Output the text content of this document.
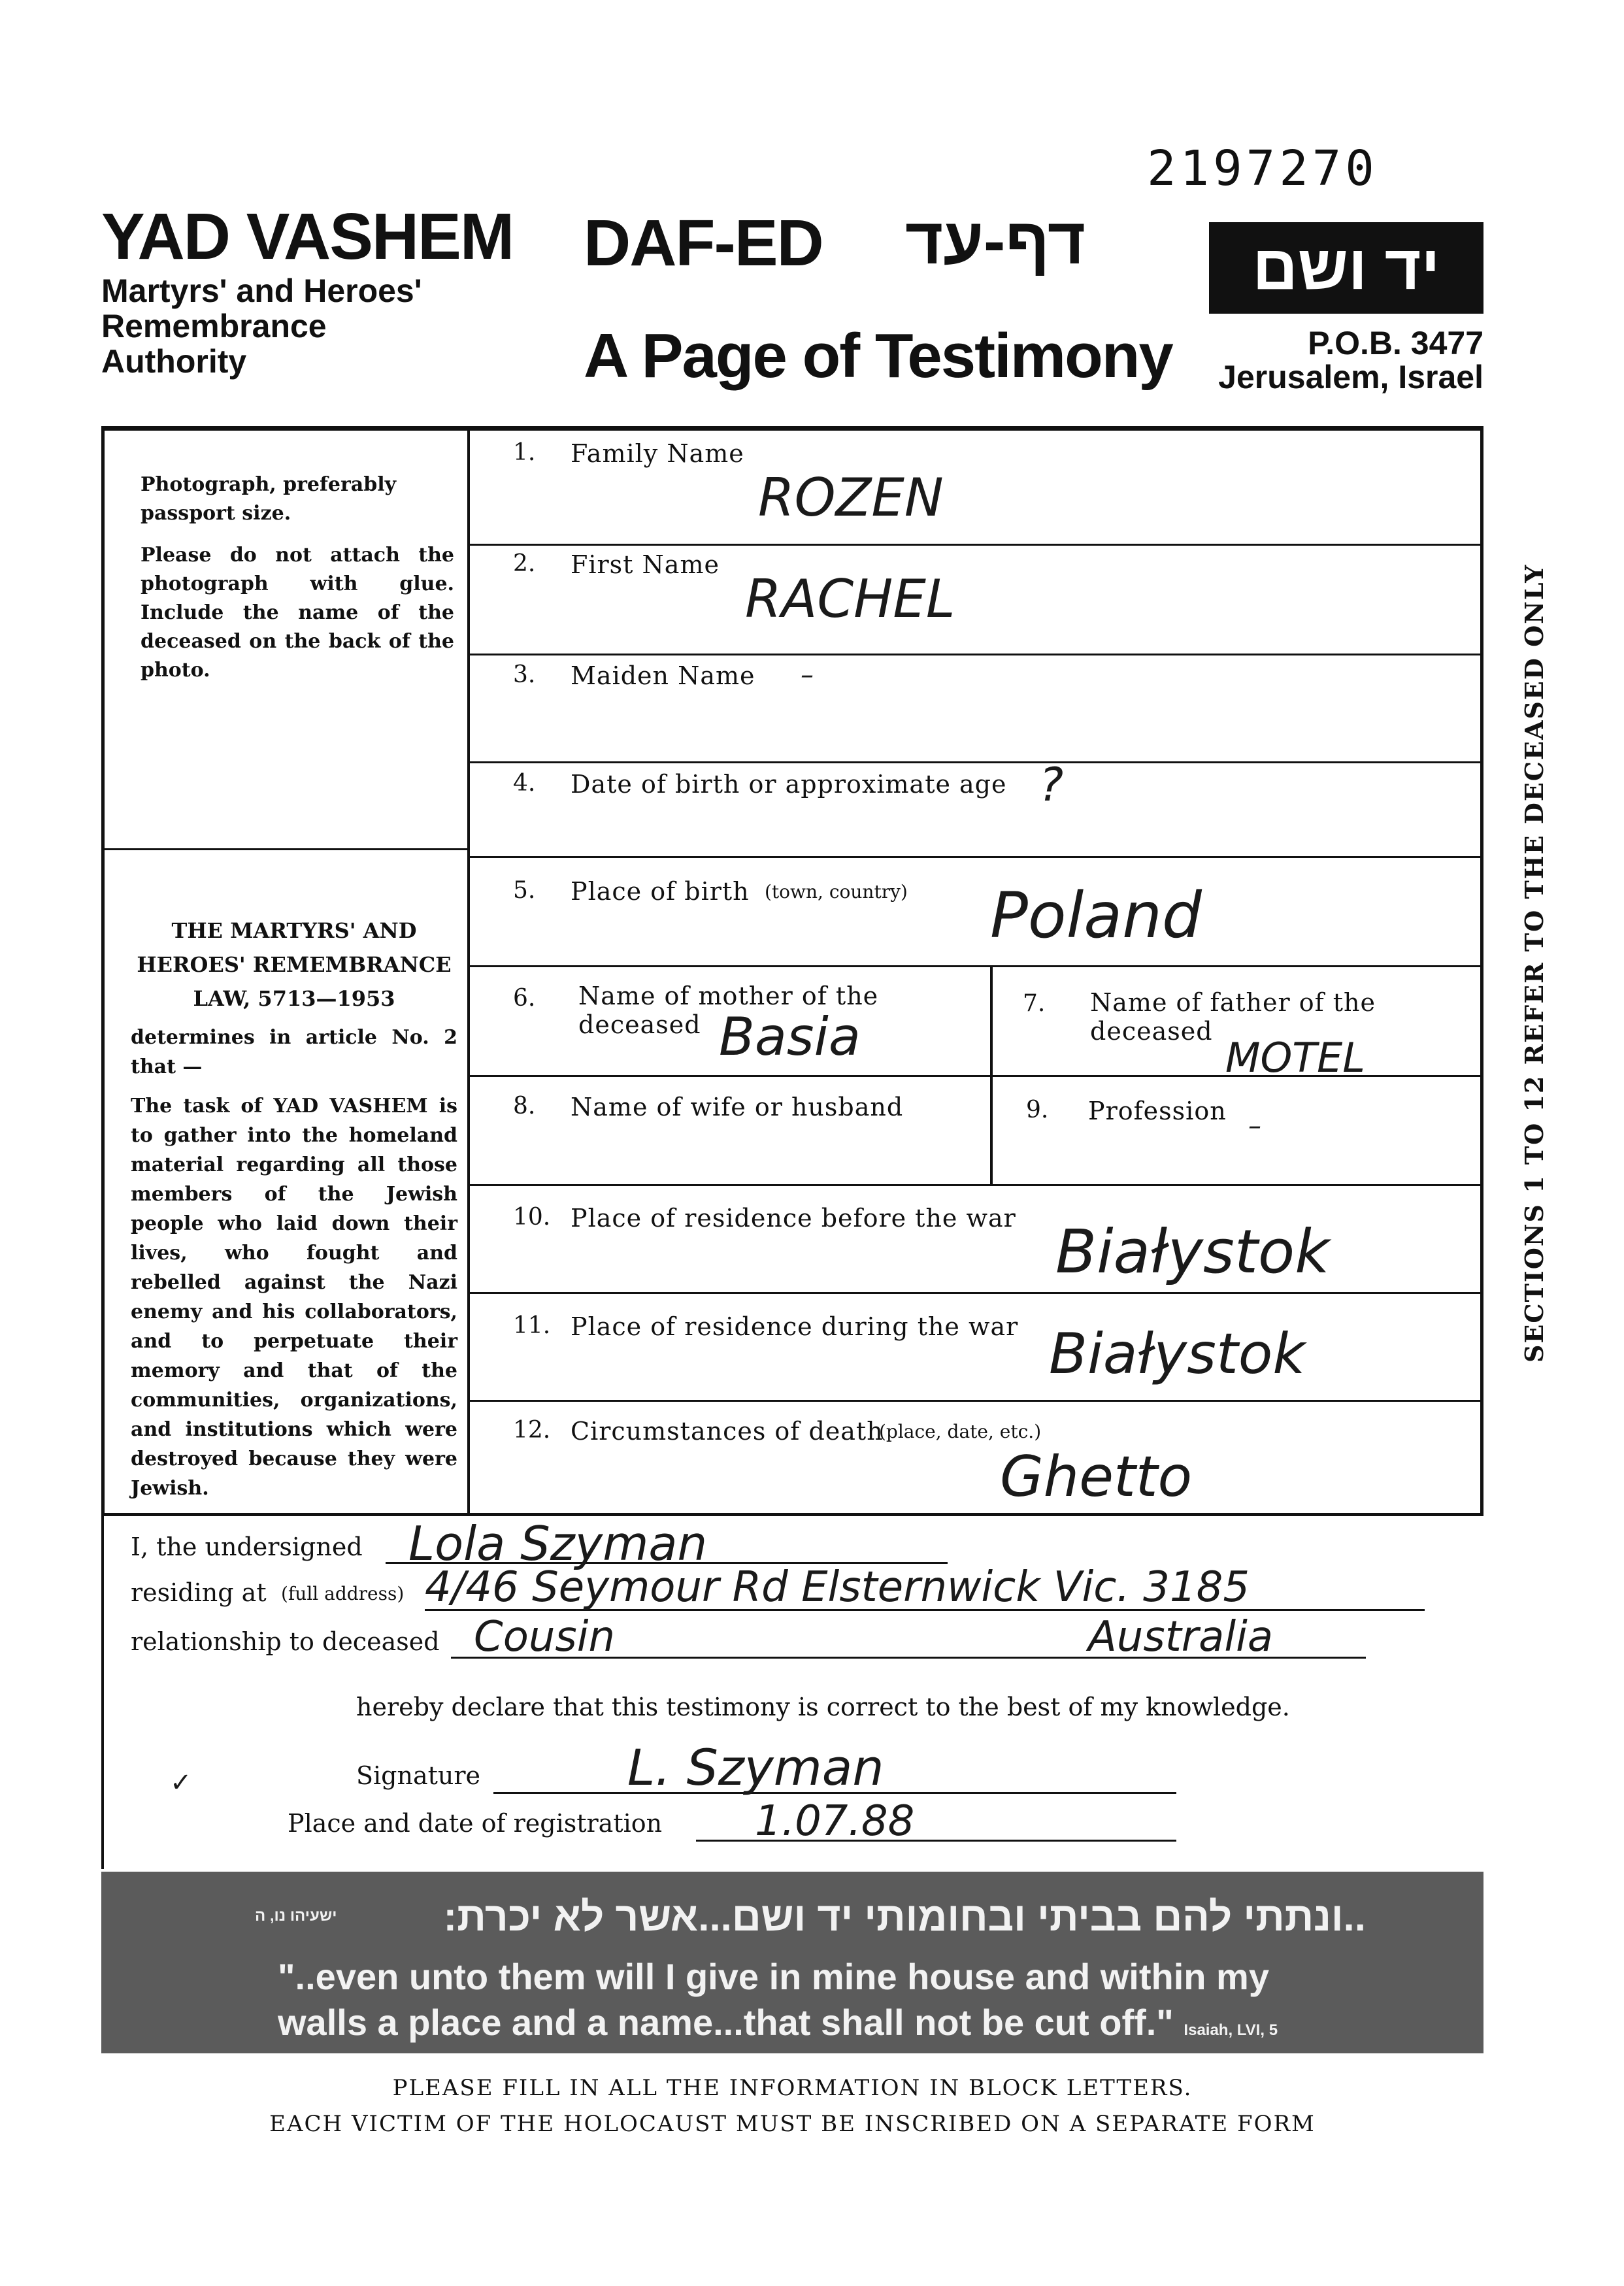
2197270
YAD VASHEM
Martyrs' and Heroes'
Remembrance
Authority
DAF-ED דף-עד
A Page of Testimony
יד ושם
P.O.B. 3477
Jerusalem, Israel
Photograph, preferably passport size.
Please do not attach the photograph with glue. Include the name of the deceased on the back of the photo.
THE MARTYRS' AND
HEROES' REMEMBRANCE
LAW, 5713—1953
determines in article No. 2 that —
The task of YAD VASHEM is to gather into the homeland material regarding all those members of the Jewish people who laid down their lives, who fought and rebelled against the Nazi enemy and his collaborators, and to perpetuate their memory and that of the communities, organizations, and institutions which were destroyed because they were Jewish.
1. Family Name
ROZEN
2. First Name
RACHEL
3. Maiden Name –
4. Date of birth or approximate age ?
5. Place of birth (town, country) Poland
6. Name of mother of the deceased Basia
7. Name of father of the deceased
MOTEL
8. Name of wife or husband	9. Profession –
10. Place of residence before the war Białystok
11. Place of residence during the war Białystok
12. Circumstances of death
(place, date, etc.)
Ghetto
SECTIONS 1 TO 12 REFER TO THE DECEASED ONLY
I, the undersigned Lola Szyman
residing at (full address) 4/46 Seymour Rd Elsternwick Vic. 3185
relationship to deceased Cousin	Australia
hereby declare that this testimony is correct to the best of my knowledge.
✓	Signature	L. Szyman
Place and date of registration 1.07.88
ישעיהו נו, ה	..ונתתי להם בביתי ובחומותי יד ושם...אשר לא יכרת:
"..even unto them will I give in mine house and within my
walls a place and a name...that shall not be cut off." Isaiah, LVI, 5
PLEASE FILL IN ALL THE INFORMATION IN BLOCK LETTERS.
EACH VICTIM OF THE HOLOCAUST MUST BE INSCRIBED ON A SEPARATE FORM
